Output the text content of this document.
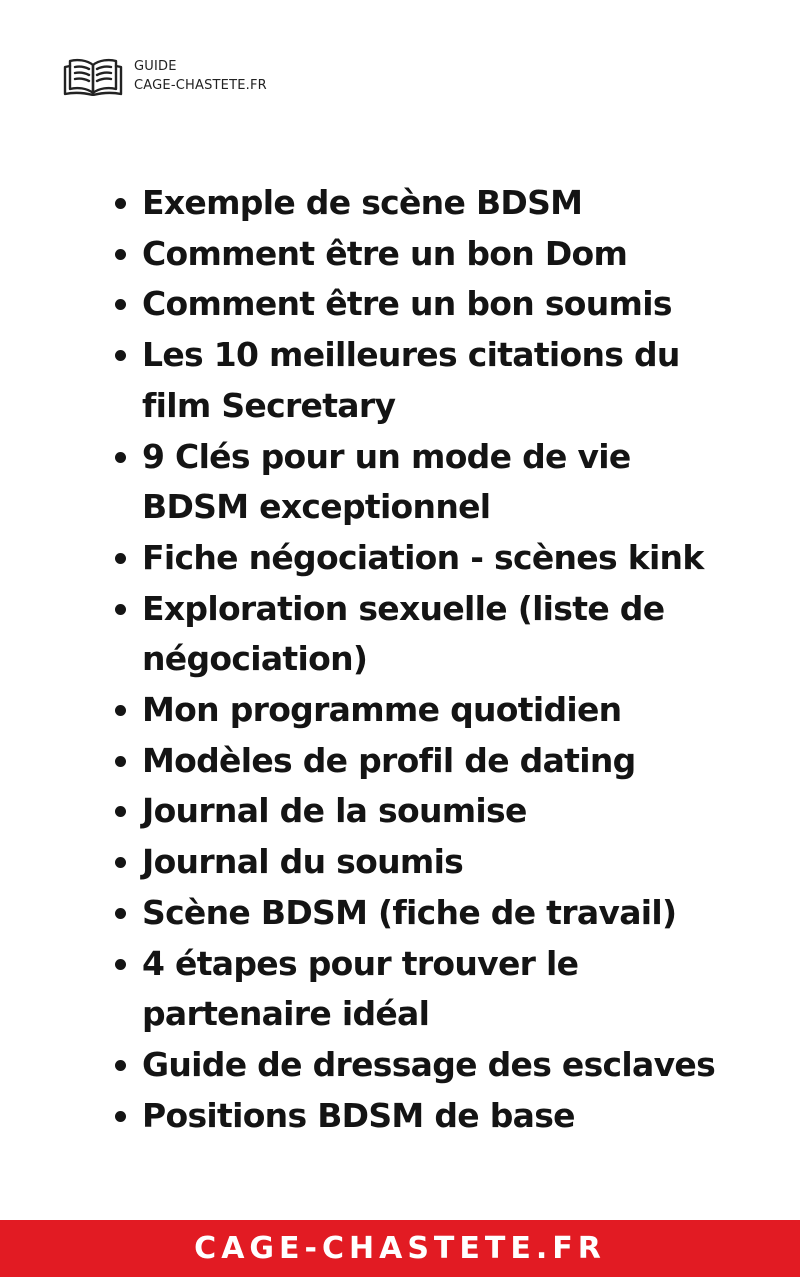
GUIDE
CAGE-CHASTETE.FR
Exemple de scène BDSM
Comment être un bon Dom
Comment être un bon soumis
Les 10 meilleures citations du
film Secretary
9 Clés pour un mode de vie
BDSM exceptionnel
Fiche négociation - scènes kink
Exploration sexuelle (liste de
négociation)
Mon programme quotidien
Modèles de profil de dating
Journal de la soumise
Journal du soumis
Scène BDSM (fiche de travail)
4 étapes pour trouver le
partenaire idéal
Guide de dressage des esclaves
Positions BDSM de base
CAGE-CHASTETE.FR
